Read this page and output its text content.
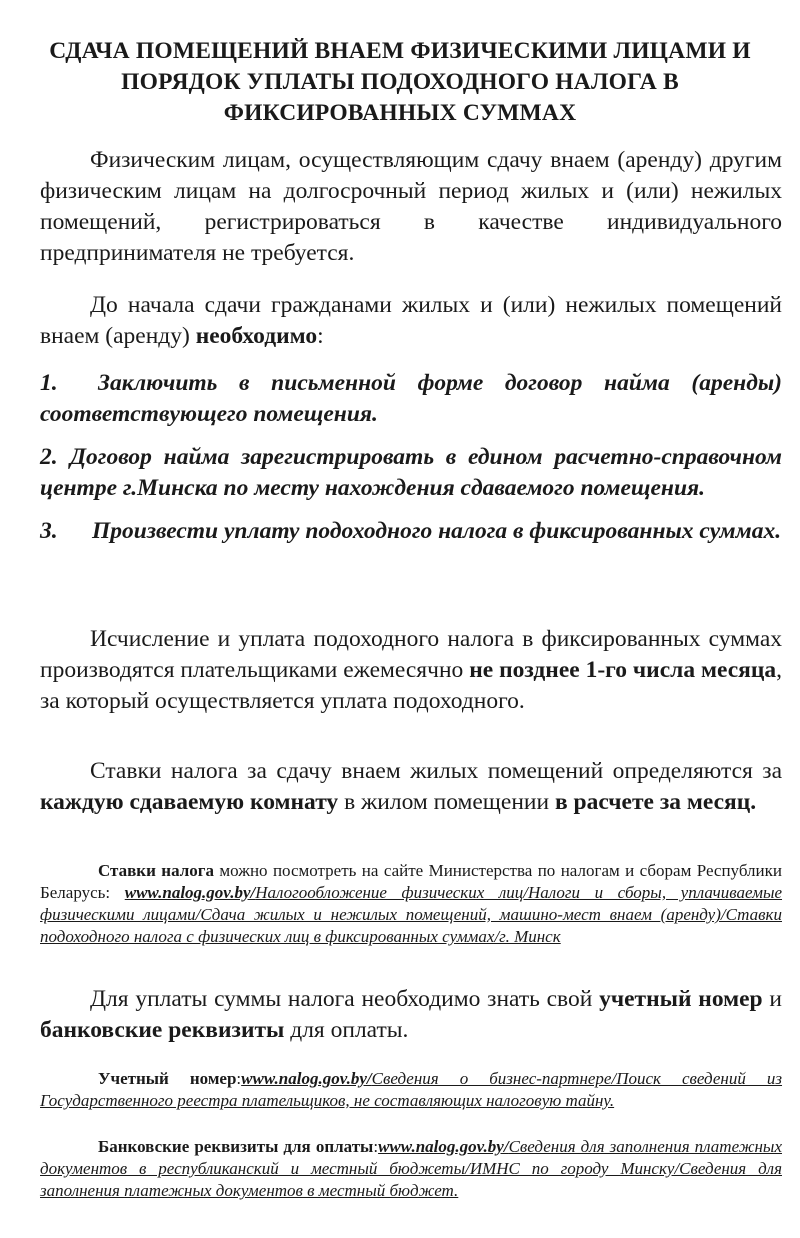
СДАЧА ПОМЕЩЕНИЙ ВНАЕМ ФИЗИЧЕСКИМИ ЛИЦАМИ И
ПОРЯДОК УПЛАТЫ ПОДОХОДНОГО НАЛОГА В
ФИКСИРОВАННЫХ СУММАХ

Физическим лицам, осуществляющим сдачу внаем (аренду) другим физическим лицам на долгосрочный период жилых и (или) нежилых помещений, регистрироваться в качестве индивидуального предпринимателя не требуется.

До начала сдачи гражданами жилых и (или) нежилых помещений внаем (аренду) необходимо:

1. Заключить в письменной форме договор найма (аренды) соответствующего помещения.

2. Договор найма зарегистрировать в едином расчетно-справочном центре г.Минска по месту нахождения сдаваемого помещения.

3. Произвести уплату подоходного налога в фиксированных суммах.

Исчисление и уплата подоходного налога в фиксированных суммах производятся плательщиками ежемесячно не позднее 1-го числа месяца, за который осуществляется уплата подоходного.

Ставки налога за сдачу внаем жилых помещений определяются за каждую сдаваемую комнату в жилом помещении в расчете за месяц.

Ставки налога можно посмотреть на сайте Министерства по налогам и сборам Республики Беларусь: www.nalog.gov.by/Налогообложение физических лиц/Налоги и сборы, уплачиваемые физическими лицами/Сдача жилых и нежилых помещений, машино-мест внаем (аренду)/Ставки подоходного налога с физических лиц в фиксированных суммах/г. Минск

Для уплаты суммы налога необходимо знать свой учетный номер и банковские реквизиты для оплаты.

Учетный номер:www.nalog.gov.by/Сведения о бизнес-партнере/Поиск сведений из Государственного реестра плательщиков, не составляющих налоговую тайну.

Банковские реквизиты для оплаты:www.nalog.gov.by/Сведения для заполнения платежных документов в республиканский и местный бюджеты/ИМНС по городу Минску/Сведения для заполнения платежных документов в местный бюджет.
